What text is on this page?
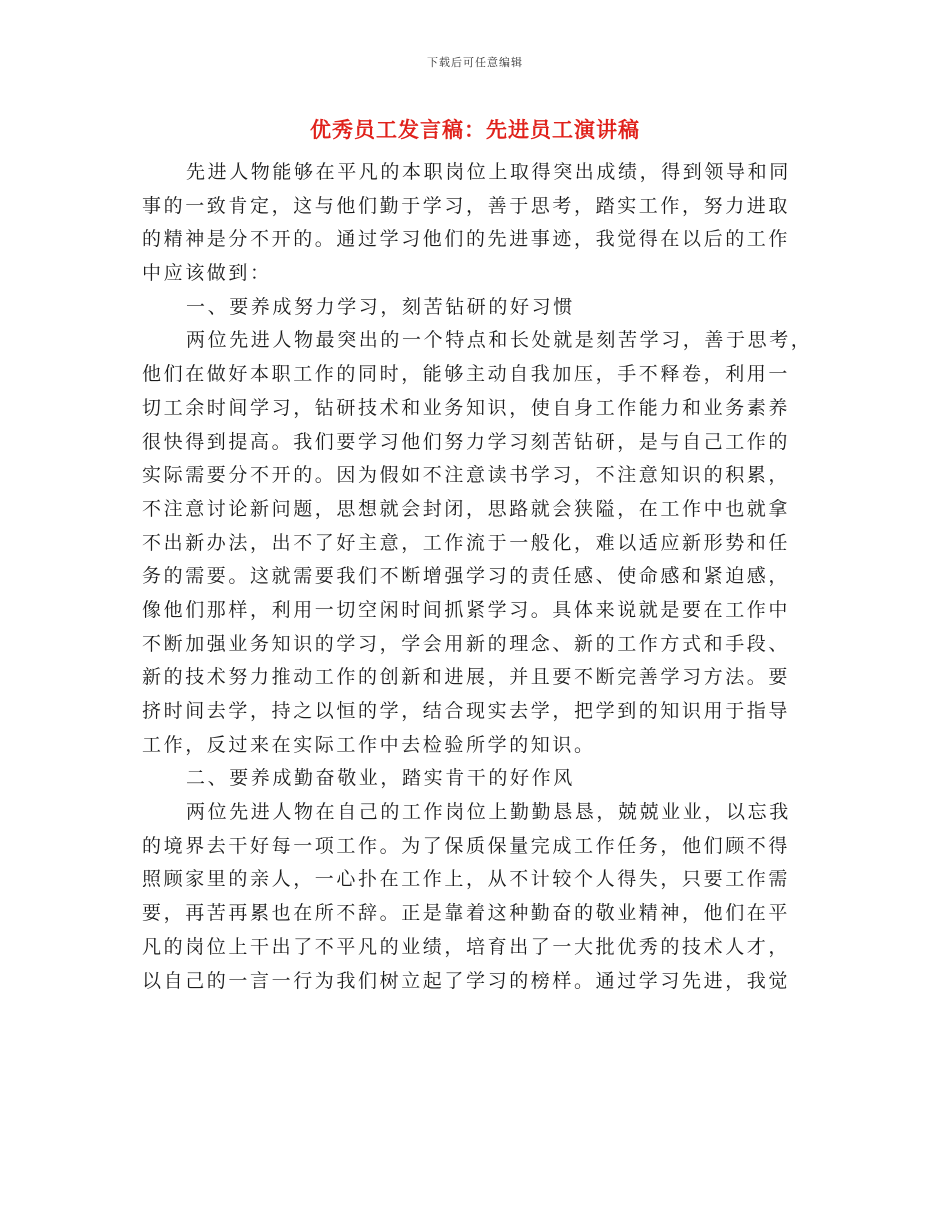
下载后可任意编辑
优秀员工发言稿：先进员工演讲稿
先进人物能够在平凡的本职岗位上取得突出成绩，得到领导和同
事的一致肯定，这与他们勤于学习，善于思考，踏实工作，努力进取
的精神是分不开的。通过学习他们的先进事迹，我觉得在以后的工作
中应该做到：
一、要养成努力学习，刻苦钻研的好习惯
两位先进人物最突出的一个特点和长处就是刻苦学习，善于思考，
他们在做好本职工作的同时，能够主动自我加压，手不释卷，利用一
切工余时间学习，钻研技术和业务知识，使自身工作能力和业务素养
很快得到提高。我们要学习他们努力学习刻苦钻研，是与自己工作的
实际需要分不开的。因为假如不注意读书学习，不注意知识的积累，
不注意讨论新问题，思想就会封闭，思路就会狭隘，在工作中也就拿
不出新办法，出不了好主意，工作流于一般化，难以适应新形势和任
务的需要。这就需要我们不断增强学习的责任感、使命感和紧迫感，
像他们那样，利用一切空闲时间抓紧学习。具体来说就是要在工作中
不断加强业务知识的学习，学会用新的理念、新的工作方式和手段、
新的技术努力推动工作的创新和进展，并且要不断完善学习方法。要
挤时间去学，持之以恒的学，结合现实去学，把学到的知识用于指导
工作，反过来在实际工作中去检验所学的知识。
二、要养成勤奋敬业，踏实肯干的好作风
两位先进人物在自己的工作岗位上勤勤恳恳，兢兢业业，以忘我
的境界去干好每一项工作。为了保质保量完成工作任务，他们顾不得
照顾家里的亲人，一心扑在工作上，从不计较个人得失，只要工作需
要，再苦再累也在所不辞。正是靠着这种勤奋的敬业精神，他们在平
凡的岗位上干出了不平凡的业绩，培育出了一大批优秀的技术人才，
以自己的一言一行为我们树立起了学习的榜样。通过学习先进，我觉
